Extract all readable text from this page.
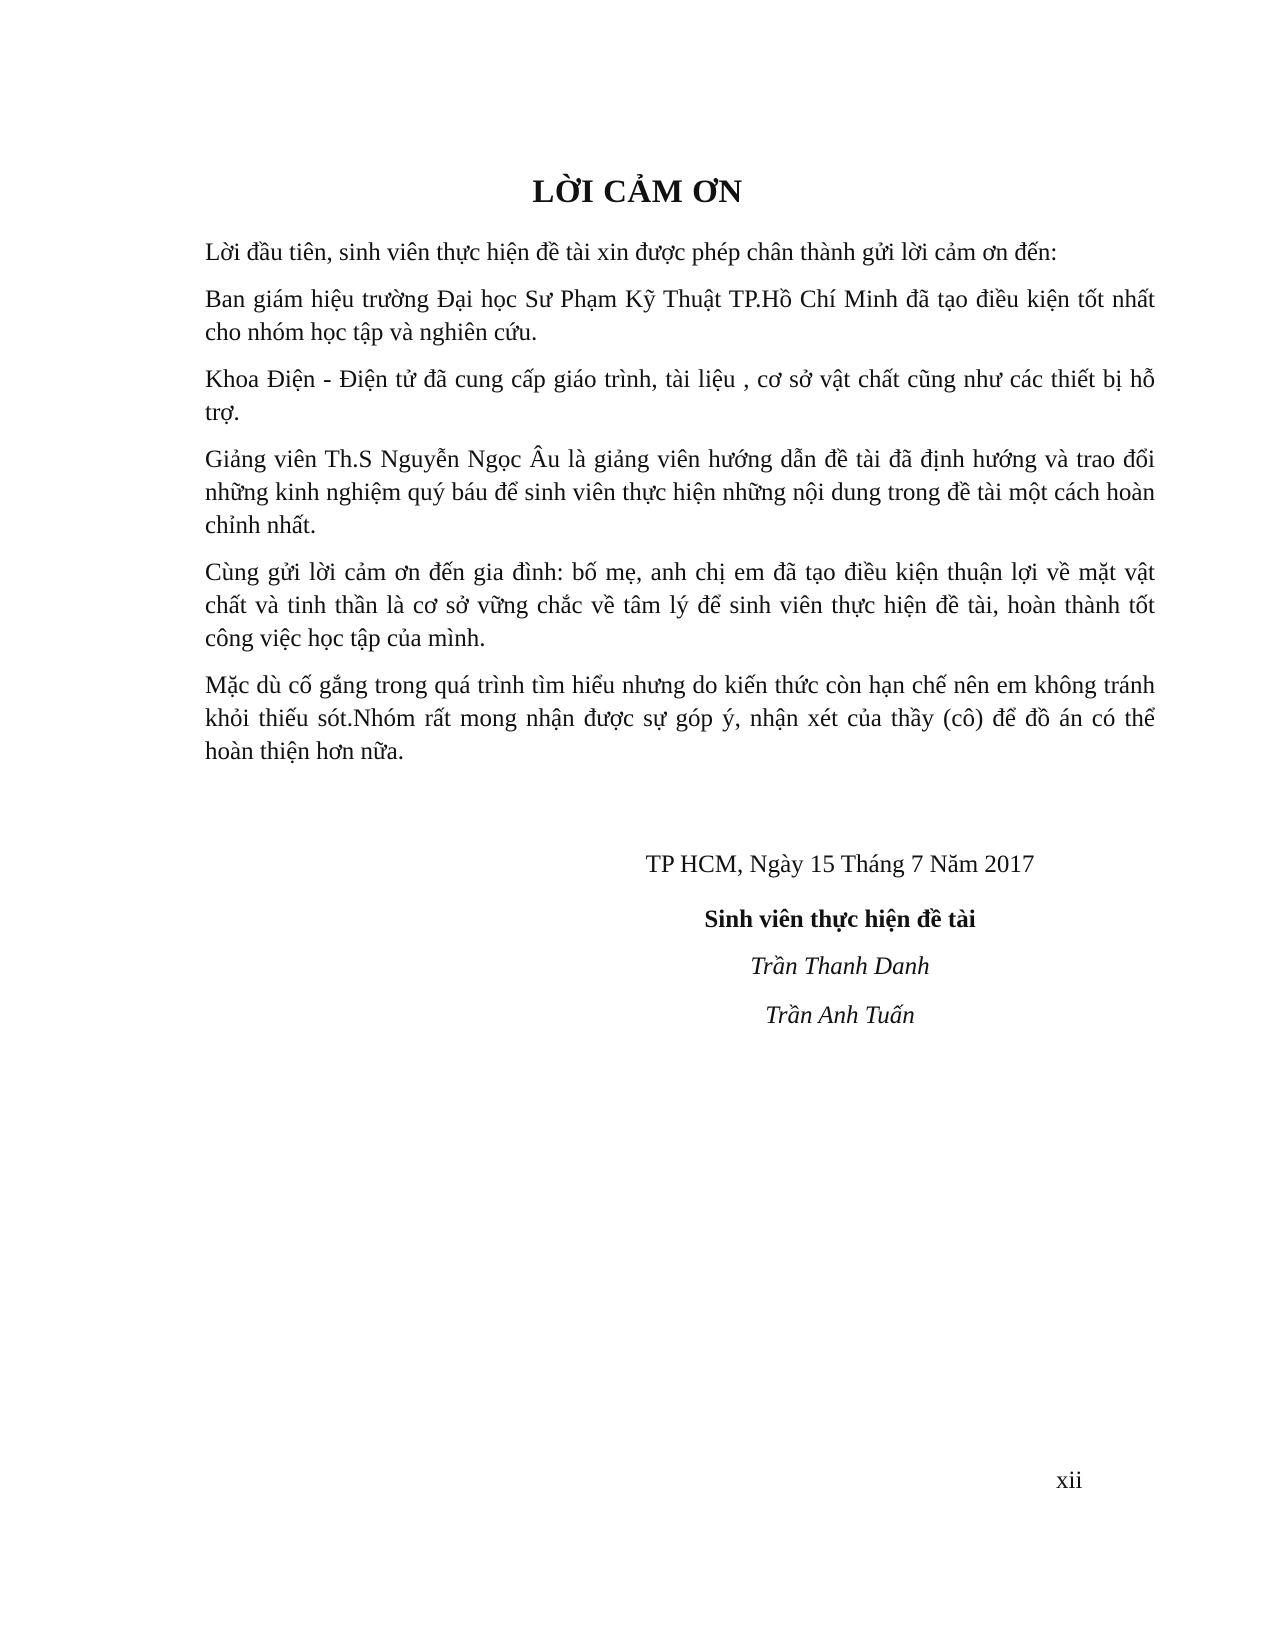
LỜI CẢM ƠN

Lời đầu tiên, sinh viên thực hiện đề tài xin được phép chân thành gửi lời cảm ơn đến:

Ban giám hiệu trường Đại học Sư Phạm Kỹ Thuật TP.Hồ Chí Minh đã tạo điều kiện tốt nhất cho nhóm học tập và nghiên cứu.

Khoa Điện - Điện tử đã cung cấp giáo trình, tài liệu , cơ sở vật chất cũng như các thiết bị hỗ trợ.

Giảng viên Th.S Nguyễn Ngọc Âu là giảng viên hướng dẫn đề tài đã định hướng và trao đổi những kinh nghiệm quý báu để sinh viên thực hiện những nội dung trong đề tài một cách hoàn chỉnh nhất.

Cùng gửi lời cảm ơn đến gia đình: bố mẹ, anh chị em đã tạo điều kiện thuận lợi về mặt vật chất và tinh thần là cơ sở vững chắc về tâm lý để sinh viên thực hiện đề tài, hoàn thành tốt công việc học tập của mình.

Mặc dù cố gắng trong quá trình tìm hiểu nhưng do kiến thức còn hạn chế nên em không tránh khỏi thiếu sót.Nhóm rất mong nhận được sự góp ý, nhận xét của thầy (cô) để đồ án có thể hoàn thiện hơn nữa.

TP HCM, Ngày 15 Tháng 7 Năm 2017
Sinh viên thực hiện đề tài
Trần Thanh Danh
Trần Anh Tuấn
xii
